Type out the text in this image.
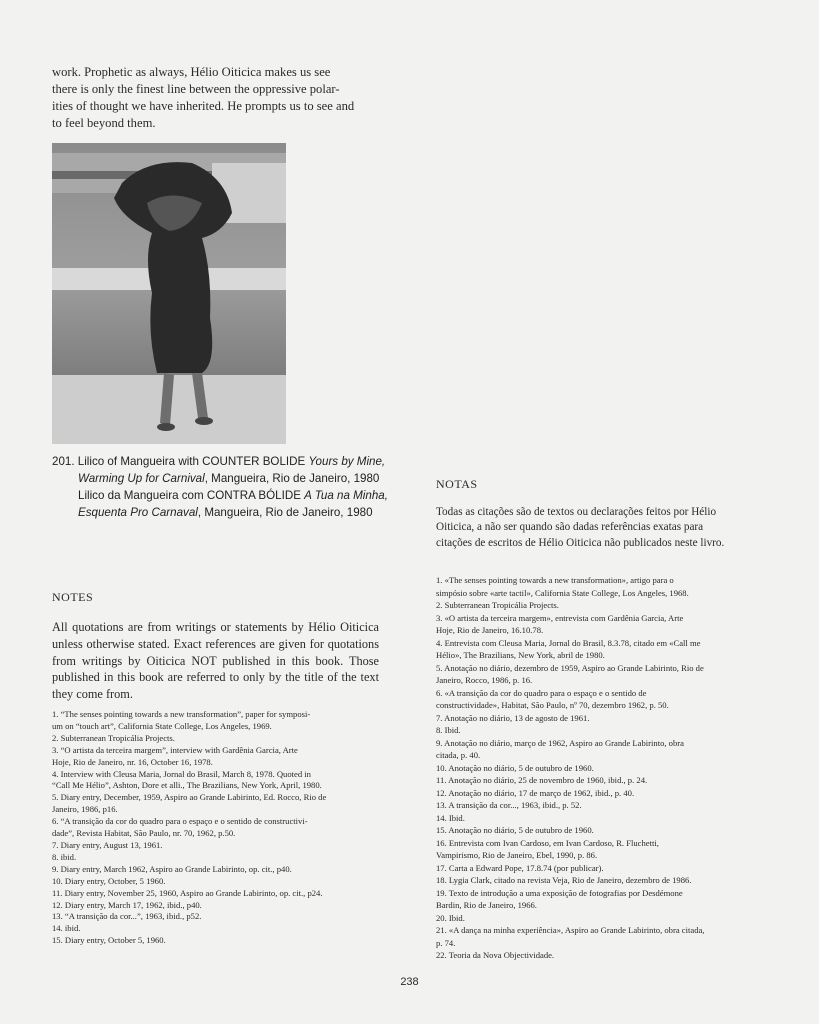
work. Prophetic as always, Hélio Oiticica makes us see
there is only the finest line between the oppressive polar-
ities of thought we have inherited. He prompts us to see and
to feel beyond them.
201. Lilico of Mangueira with COUNTER BOLIDE Yours by Mine,
Warming Up for Carnival, Mangueira, Rio de Janeiro, 1980
Lilico da Mangueira com CONTRA BÓLIDE A Tua na Minha,
Esquenta Pro Carnaval, Mangueira, Rio de Janeiro, 1980
NOTES
All quotations are from writings or statements by Hélio Oiticica unless otherwise stated. Exact references are given for quotations from writings by Oiticica NOT published in this book. Those published in this book are referred to only by the title of the text they come from.
1. “The senses pointing towards a new transformation”, paper for symposi-
um on “touch art”, California State College, Los Angeles, 1969.
2. Subterranean Tropicália Projects.
3. “O artista da terceira margem”, interview with Gardênia Garcia, Arte
Hoje, Rio de Janeiro, nr. 16, October 16, 1978.
4. Interview with Cleusa Maria, Jornal do Brasil, March 8, 1978. Quoted in
“Call Me Hélio”, Ashton, Dore et alli., The Brazilians, New York, April, 1980.
5. Diary entry, December, 1959, Aspiro ao Grande Labirinto, Ed. Rocco, Rio de
Janeiro, 1986, p16.
6. “A transição da cor do quadro para o espaço e o sentido de constructivi-
dade”, Revista Habitat, São Paulo, nr. 70, 1962, p.50.
7. Diary entry, August 13, 1961.
8. ibid.
9. Diary entry, March 1962, Aspiro ao Grande Labirinto, op. cit., p40.
10. Diary entry, October, 5 1960.
11. Diary entry, November 25, 1960, Aspiro ao Grande Labirinto, op. cit., p24.
12. Diary entry, March 17, 1962, ibid., p40.
13. “A transição da cor...”, 1963, ibid., p52.
14. ibid.
15. Diary entry, October 5, 1960.
NOTAS
Todas as citações são de textos ou declarações feitos por Hélio
Oiticica, a não ser quando são dadas referências exatas para
citações de escritos de Hélio Oiticica não publicados neste livro.
1. «The senses pointing towards a new transformation», artigo para o
simpósio sobre «arte tactil», California State College, Los Angeles, 1968.
2. Subterranean Tropicália Projects.
3. «O artista da terceira margem», entrevista com Gardênia Garcia, Arte
Hoje, Rio de Janeiro, 16.10.78.
4. Entrevista com Cleusa Maria, Jornal do Brasil, 8.3.78, citado em «Call me
Hélio», The Brazilians, New York, abril de 1980.
5. Anotação no diário, dezembro de 1959, Aspiro ao Grande Labirinto, Rio de
Janeiro, Rocco, 1986, p. 16.
6. «A transição da cor do quadro para o espaço e o sentido de
constructividade», Habitat, São Paulo, nº 70, dezembro 1962, p. 50.
7. Anotação no diário, 13 de agosto de 1961.
8. Ibid.
9. Anotação no diário, março de 1962, Aspiro ao Grande Labirinto, obra
citada, p. 40.
10. Anotação no diário, 5 de outubro de 1960.
11. Anotação no diário, 25 de novembro de 1960, ibid., p. 24.
12. Anotação no diário, 17 de março de 1962, ibid., p. 40.
13. A transição da cor..., 1963, ibid., p. 52.
14. Ibid.
15. Anotação no diário, 5 de outubro de 1960.
16. Entrevista com Ivan Cardoso, em Ivan Cardoso, R. Fluchetti,
Vampirismo, Rio de Janeiro, Ebel, 1990, p. 86.
17. Carta a Edward Pope, 17.8.74 (por publicar).
18. Lygia Clark, citado na revista Veja, Rio de Janeiro, dezembro de 1986.
19. Texto de introdução a uma exposição de fotografias por Desdémone
Bardin, Rio de Janeiro, 1966.
20. Ibid.
21. «A dança na minha experiência», Aspiro ao Grande Labirinto, obra citada,
p. 74.
22. Teoria da Nova Objectividade.
238
